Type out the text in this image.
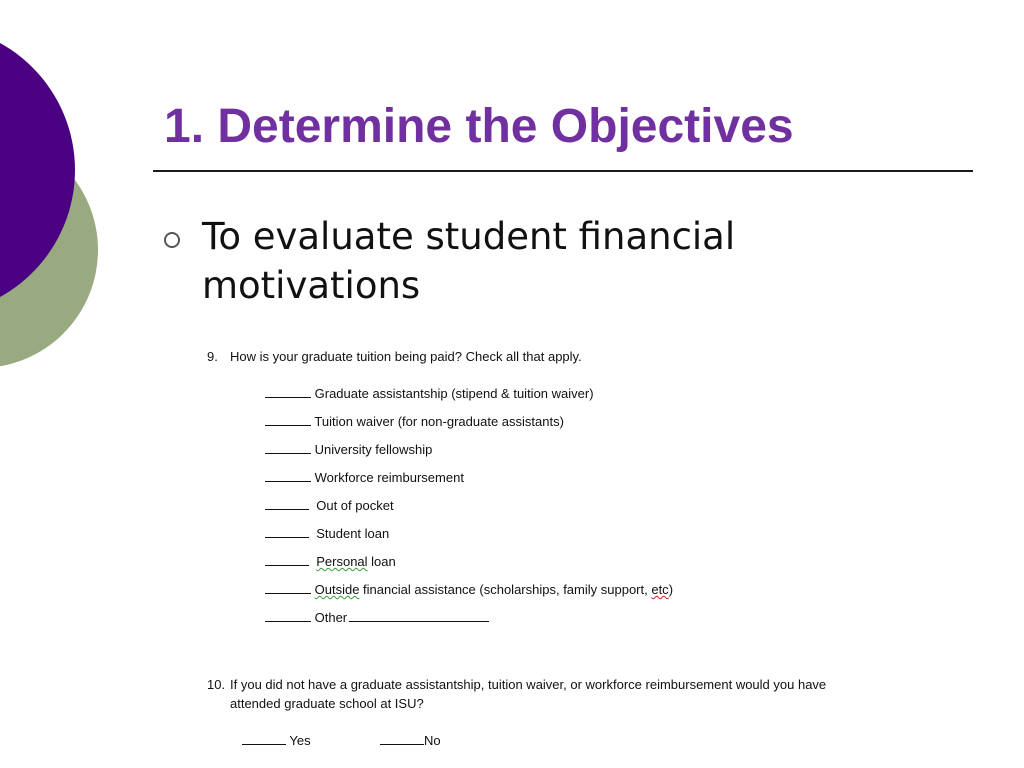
1. Determine the Objectives

To evaluate student financial motivations

9. How is your graduate tuition being paid? Check all that apply.

Graduate assistantship (stipend & tuition waiver)

Tuition waiver (for non-graduate assistants)

University fellowship

Workforce reimbursement

Out of pocket

Student loan

Personal loan

Outside financial assistance (scholarships, family support, etc)

Other

10. If you did not have a graduate assistantship, tuition waiver, or workforce reimbursement would you have

attended graduate school at ISU?

Yes	No
